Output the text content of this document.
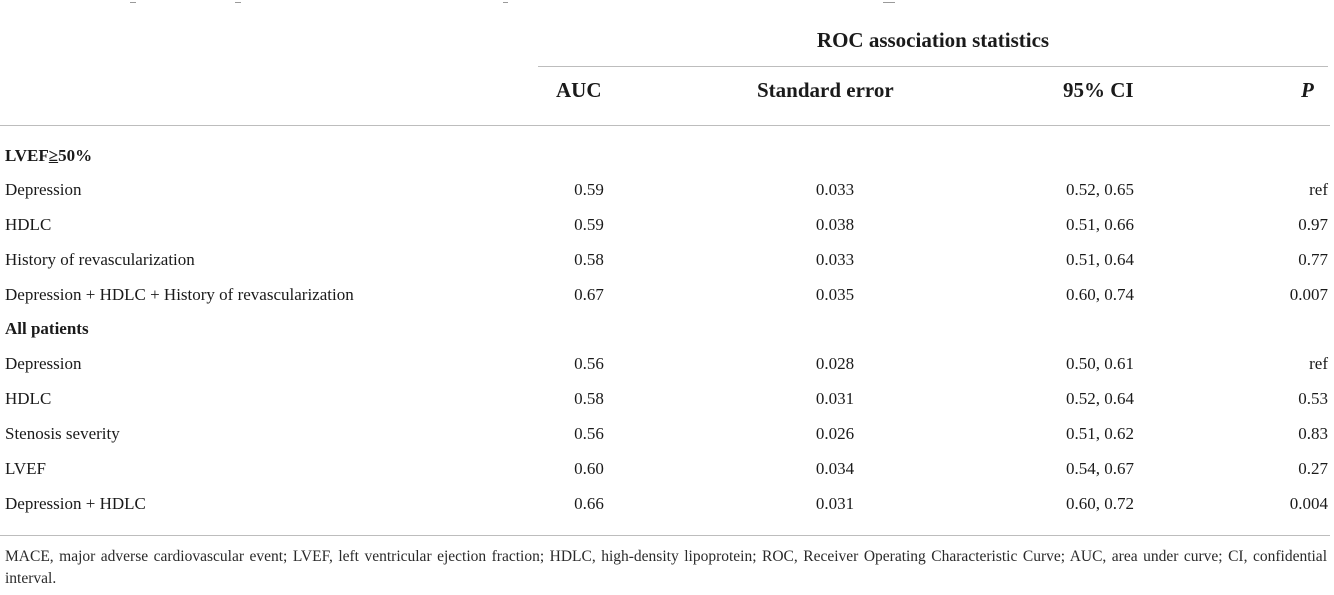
ROC association statistics
AUC	Standard error	95% CI	P
LVEF≥50%
Depression	0.59	0.033	0.52, 0.65	ref
HDLC	0.59	0.038	0.51, 0.66	0.97
History of revascularization	0.58	0.033	0.51, 0.64	0.77
Depression + HDLC + History of revascularization	0.67	0.035	0.60, 0.74	0.007
All patients
Depression	0.56	0.028	0.50, 0.61	ref
HDLC	0.58	0.031	0.52, 0.64	0.53
Stenosis severity	0.56	0.026	0.51, 0.62	0.83
LVEF	0.60	0.034	0.54, 0.67	0.27
Depression + HDLC	0.66	0.031	0.60, 0.72	0.004
MACE, major adverse cardiovascular event; LVEF, left ventricular ejection fraction; HDLC, high-density lipoprotein; ROC, Receiver Operating Characteristic Curve; AUC, area under curve; CI, confidential interval.
